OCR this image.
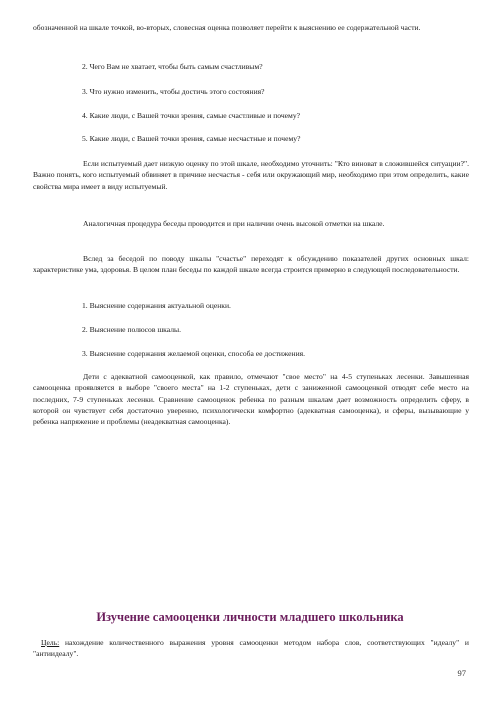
обозначенной на шкале точкой, во-вторых, словесная оценка позволяет перейти к выяснению ее содержательной части.

2. Чего Вам не хватает, чтобы быть самым счастливым?

3. Что нужно изменить, чтобы достичь этого состояния?

4. Какие люди, с Вашей точки зрения, самые счастливые и почему?

5. Какие люди, с Вашей точки зрения, самые несчастные и почему?

Если испытуемый дает низкую оценку по этой шкале, необходимо уточнить: "Кто виноват в сложившейся ситуации?". Важно понять, кого испытуемый обвиняет в причине несчастья - себя или окружающий мир, необходимо при этом определить, какие свойства мира имеет в виду испытуемый.

Аналогичная процедура беседы проводится и при наличии очень высокой отметки на шкале.

Вслед за беседой по поводу шкалы "счастье" переходят к обсуждению показателей других основных шкал: характеристике ума, здоровья. В целом план беседы по каждой шкале всегда строится примерно в следующей последовательности.

1. Выяснение содержания актуальной оценки.

2. Выяснение полюсов шкалы.

3. Выяснение содержания желаемой оценки, способа ее достижения.

Дети с адекватной самооценкой, как правило, отмечают "свое место" на 4-5 ступеньках лесенки. Завышенная самооценка проявляется в выборе "своего места" на 1-2 ступеньках, дети с заниженной самооценкой отводят себе место на последних, 7-9 ступеньках лесенки. Сравнение самооценок ребенка по разным шкалам дает возможность определить сферу, в которой он чувствует себя достаточно уверенно, психологически комфортно (адекватная самооценка), и сферы, вызывающие у ребенка напряжение и проблемы (неадекватная самооценка).

Изучение самооценки личности младшего школьника

Цель: нахождение количественного выражения уровня самооценки методом набора слов, соответствующих "идеалу" и "антиидеалу".

97
